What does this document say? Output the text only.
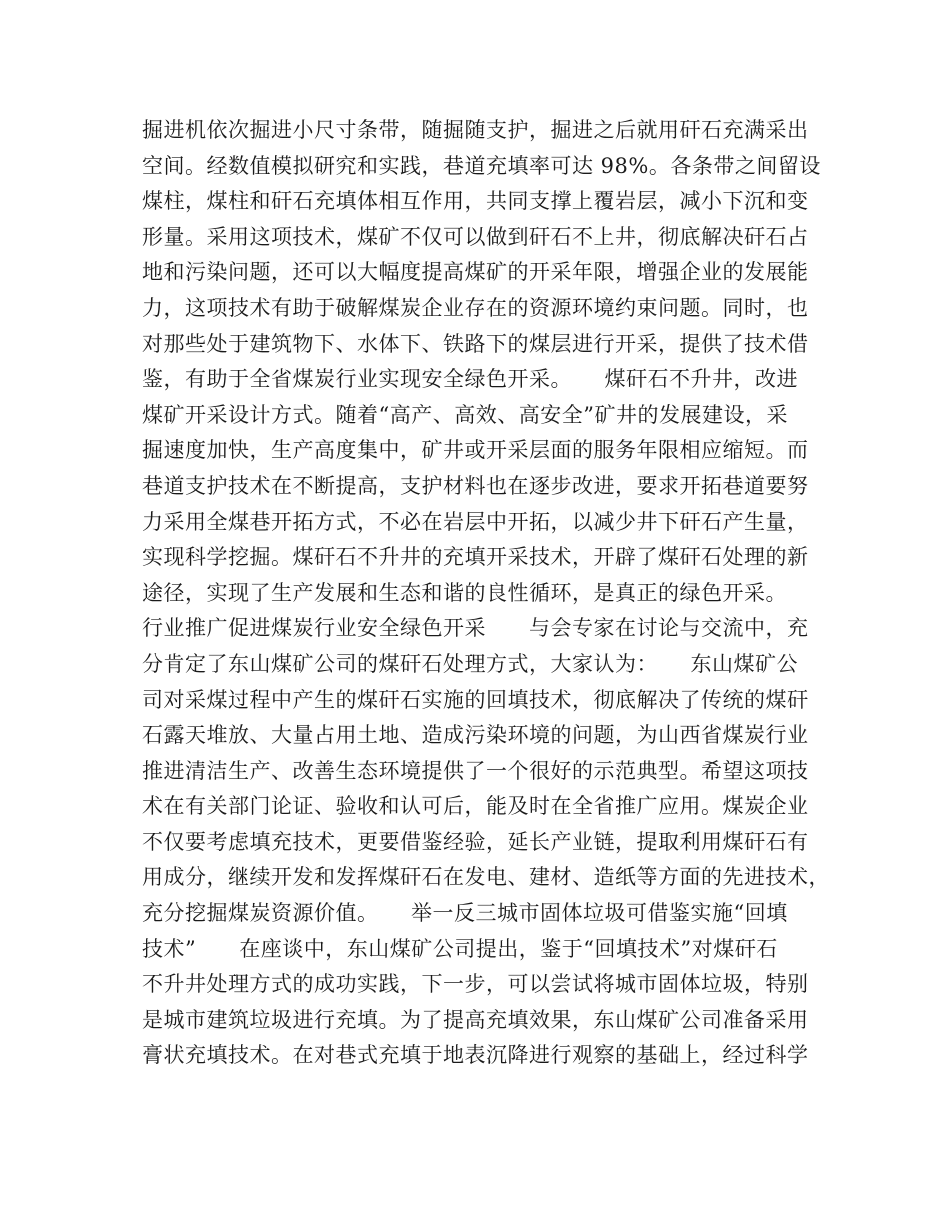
掘进机依次掘进小尺寸条带，随掘随支护，掘进之后就用矸石充满采出
空间。经数值模拟研究和实践，巷道充填率可达 98%。各条带之间留设
煤柱，煤柱和矸石充填体相互作用，共同支撑上覆岩层，减小下沉和变
形量。采用这项技术，煤矿不仅可以做到矸石不上井，彻底解决矸石占
地和污染问题，还可以大幅度提高煤矿的开采年限，增强企业的发展能
力，这项技术有助于破解煤炭企业存在的资源环境约束问题。同时，也
对那些处于建筑物下、水体下、铁路下的煤层进行开采，提供了技术借
鉴，有助于全省煤炭行业实现安全绿色开采。　　煤矸石不升井，改进
煤矿开采设计方式。随着“高产、高效、高安全”矿井的发展建设，采
掘速度加快，生产高度集中，矿井或开采层面的服务年限相应缩短。而
巷道支护技术在不断提高，支护材料也在逐步改进，要求开拓巷道要努
力采用全煤巷开拓方式，不必在岩层中开拓，以减少井下矸石产生量，
实现科学挖掘。煤矸石不升井的充填开采技术，开辟了煤矸石处理的新
途径，实现了生产发展和生态和谐的良性循环，是真正的绿色开采。
行业推广促进煤炭行业安全绿色开采　　与会专家在讨论与交流中，充
分肯定了东山煤矿公司的煤矸石处理方式，大家认为：　　东山煤矿公
司对采煤过程中产生的煤矸石实施的回填技术，彻底解决了传统的煤矸
石露天堆放、大量占用土地、造成污染环境的问题，为山西省煤炭行业
推进清洁生产、改善生态环境提供了一个很好的示范典型。希望这项技
术在有关部门论证、验收和认可后，能及时在全省推广应用。煤炭企业
不仅要考虑填充技术，更要借鉴经验，延长产业链，提取利用煤矸石有
用成分，继续开发和发挥煤矸石在发电、建材、造纸等方面的先进技术，
充分挖掘煤炭资源价值。　　举一反三城市固体垃圾可借鉴实施“回填
技术”　　在座谈中，东山煤矿公司提出，鉴于“回填技术”对煤矸石
不升井处理方式的成功实践，下一步，可以尝试将城市固体垃圾，特别
是城市建筑垃圾进行充填。为了提高充填效果，东山煤矿公司准备采用
膏状充填技术。在对巷式充填于地表沉降进行观察的基础上，经过科学
